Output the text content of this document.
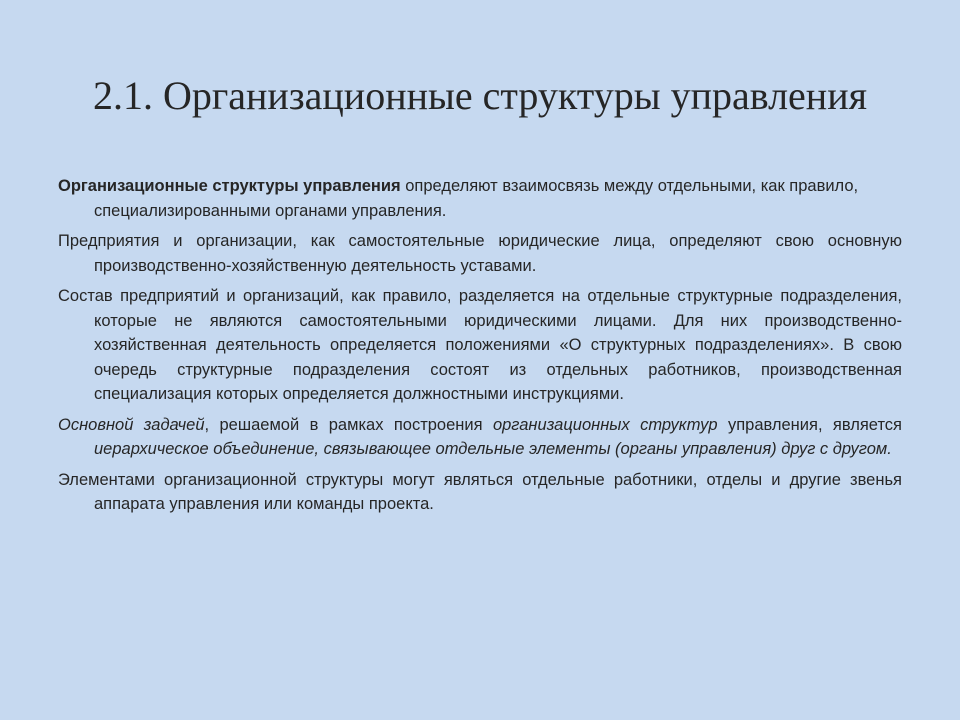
2.1. Организационные структуры управления

Организационные структуры управления определяют взаимосвязь между отдельными, как правило, специализированными органами управления.

Предприятия и организации, как самостоятельные юридические лица, определяют свою основную производственно-хозяйственную деятельность уставами.

Состав предприятий и организаций, как правило, разделяется на отдельные структурные подразделения, которые не являются самостоятельными юридическими лицами. Для них производственно-хозяйственная деятельность определяется положениями «О структурных подразделениях». В свою очередь структурные подразделения состоят из отдельных работников, производственная специализация которых определяется должностными инструкциями.

Основной задачей, решаемой в рамках построения организационных структур управления, является иерархическое объединение, связывающее отдельные элементы (органы управления) друг с другом.

Элементами организационной структуры могут являться отдельные работники, отделы и другие звенья аппарата управления или команды проекта.
